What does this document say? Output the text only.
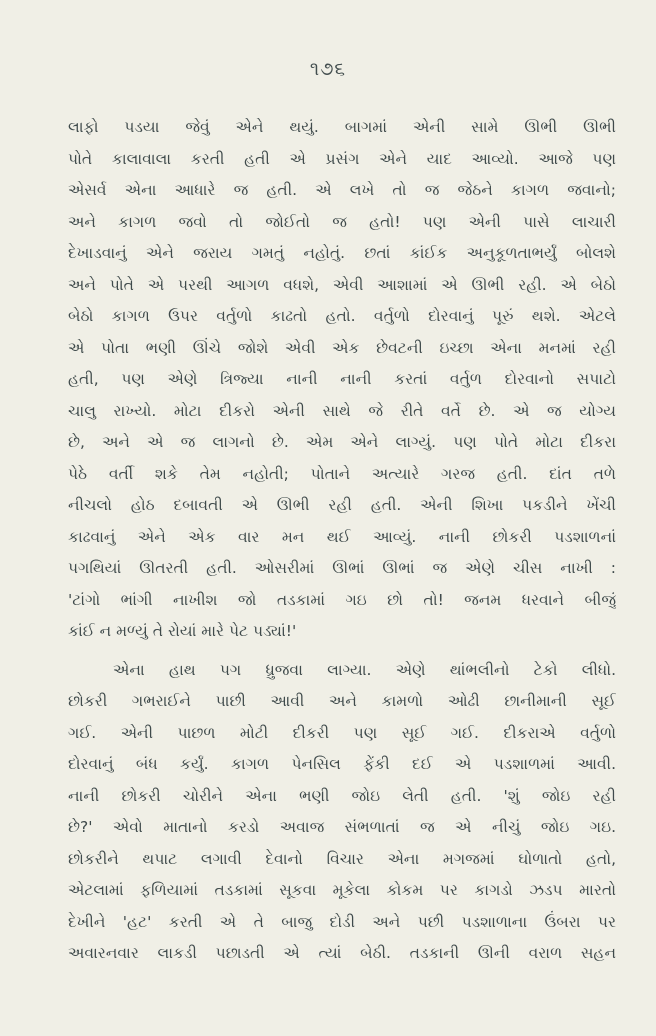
૧૭૬
લાફો પડયા જેવું એને થયું. બાગમાં એની સામે ઊભી ઊભી
પોતે કાલાવાલા કરતી હતી એ પ્રસંગ એને યાદ આવ્યો. આજે પણ
એસર્વ એના આધારે જ હતી. એ લખે તો જ જેઠને કાગળ જવાનો;
અને કાગળ જવો તો જોઈતો જ હતો! પણ એની પાસે લાચારી
દેખાડવાનું એને જરાય ગમતું નહોતું. છતાં કાંઈક અનુકૂળતાભર્યું બોલશે
અને પોતે એ પરથી આગળ વધશે, એવી આશામાં એ ઊભી રહી. એ બેઠો
બેઠો કાગળ ઉપર વર્તુળો કાઢતો હતો. વર્તુળો દોરવાનું પૂરું થશે. એટલે
એ પોતા ભણી ઊંચે જોશે એવી એક છેવટની ઇચ્છા એના મનમાં રહી
હતી, પણ એણે ત્રિજ્યા નાની નાની કરતાં વર્તુળ દોરવાનો સપાટો
ચાલુ રાખ્યો. મોટા દીકરો એની સાથે જે રીતે વર્તે છે. એ જ યોગ્ય
છે, અને એ જ લાગનો છે. એમ એને લાગ્યું. પણ પોતે મોટા દીકરા
પેઠે વર્તી શકે તેમ નહોતી; પોતાને અત્યારે ગરજ હતી. દાંત તળે
નીચલો હોઠ દબાવતી એ ઊભી રહી હતી. એની શિખા પકડીને ખેંચી
કાઢવાનું એને એક વાર મન થઈ આવ્યું. નાની છોકરી પડશાળનાં
પગથિયાં ઊતરતી હતી. ઓસરીમાં ઊભાં ઊભાં જ એણે ચીસ નાખી :
'ટાંગો ભાંગી નાખીશ જો તડકામાં ગઇ છો તો! જનમ ધરવાને બીજું
કાંઈ ન મળ્યું તે રોયાં મારે પેટ પડ્યાં!'
એના હાથ પગ ધ્રુજવા લાગ્યા. એણે થાંભલીનો ટેકો લીધો.
છોકરી ગભરાઈને પાછી આવી અને કામળો ઓઢી છાનીમાની સૂઈ
ગઈ. એની પાછળ મોટી દીકરી પણ સૂઈ ગઈ. દીકરાએ વર્તુળો
દોરવાનું બંધ કર્યું. કાગળ પેનસિલ ફેંકી દઈ એ પડશાળમાં આવી.
નાની છોકરી ચોરીને એના ભણી જોઇ લેતી હતી. 'શું જોઇ રહી
છે?' એવો માતાનો કરડો અવાજ સંભળાતાં જ એ નીચું જોઇ ગઇ.
છોકરીને થપાટ લગાવી દેવાનો વિચાર એના મગજમાં ઘોળાતો હતો,
એટલામાં ફળિયામાં તડકામાં સૂકવા મૂકેલા કોકમ પર કાગડો ઝડપ મારતો
દેખીને 'હટ' કરતી એ તે બાજુ દોડી અને પછી પડશાળાના ઉંબરા પર
અવારનવાર લાકડી પછાડતી એ ત્યાં બેઠી. તડકાની ઊની વરાળ સહન
